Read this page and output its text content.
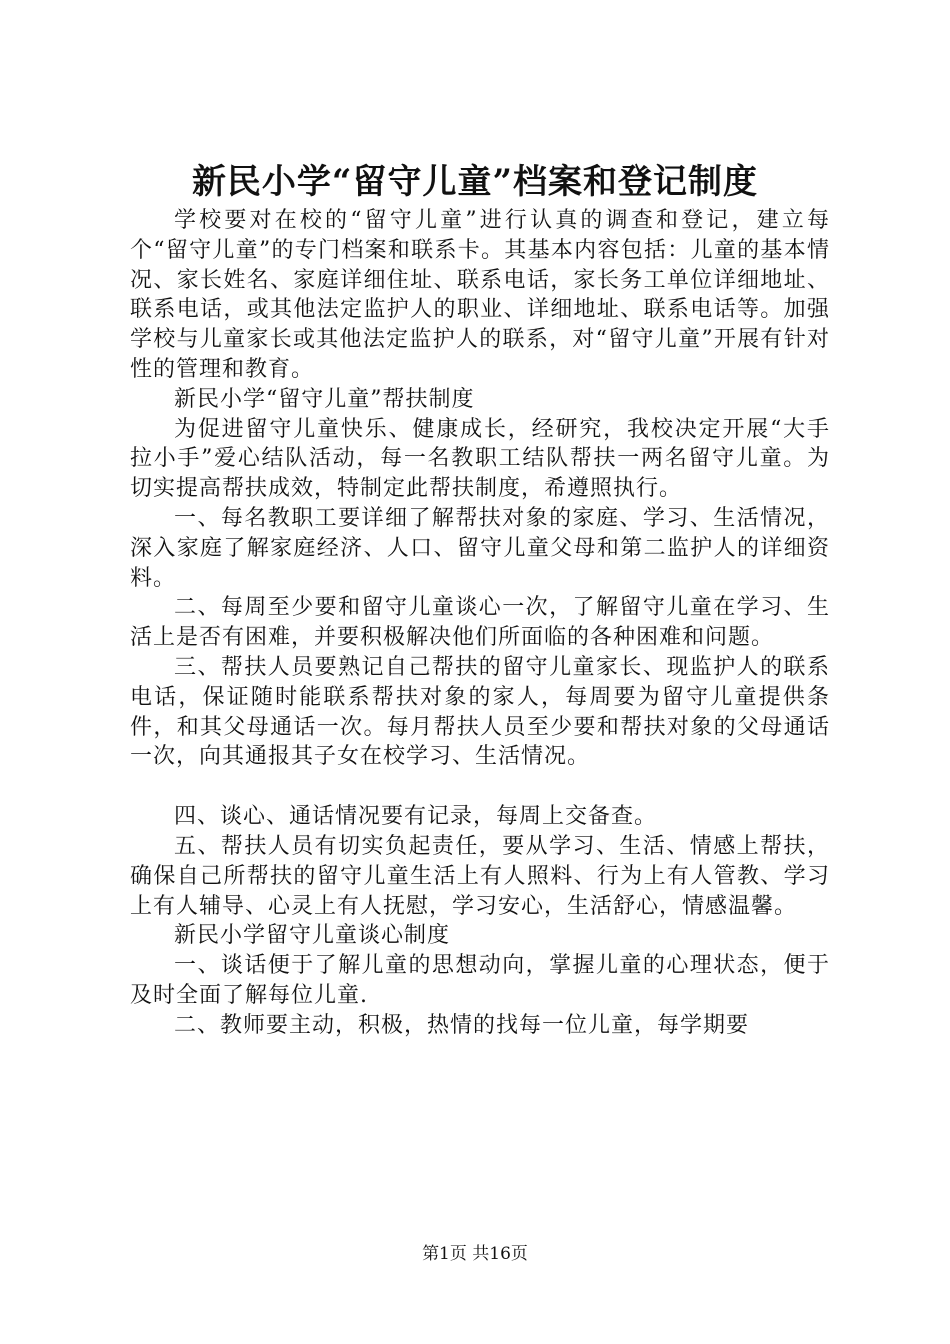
新民小学“留守儿童”档案和登记制度

学校要对在校的“留守儿童”进行认真的调查和登记，建立每个“留守儿童”的专门档案和联系卡。其基本内容包括：儿童的基本情况、家长姓名、家庭详细住址、联系电话，家长务工单位详细地址、联系电话，或其他法定监护人的职业、详细地址、联系电话等。加强学校与儿童家长或其他法定监护人的联系，对“留守儿童”开展有针对性的管理和教育。

新民小学“留守儿童”帮扶制度

为促进留守儿童快乐、健康成长，经研究，我校决定开展“大手拉小手”爱心结队活动，每一名教职工结队帮扶一两名留守儿童。为切实提高帮扶成效，特制定此帮扶制度，希遵照执行。

一、每名教职工要详细了解帮扶对象的家庭、学习、生活情况，深入家庭了解家庭经济、人口、留守儿童父母和第二监护人的详细资料。

二、每周至少要和留守儿童谈心一次，了解留守儿童在学习、生活上是否有困难，并要积极解决他们所面临的各种困难和问题。

三、帮扶人员要熟记自己帮扶的留守儿童家长、现监护人的联系电话，保证随时能联系帮扶对象的家人，每周要为留守儿童提供条件，和其父母通话一次。每月帮扶人员至少要和帮扶对象的父母通话一次，向其通报其子女在校学习、生活情况。

四、谈心、通话情况要有记录，每周上交备查。

五、帮扶人员有切实负起责任，要从学习、生活、情感上帮扶，确保自己所帮扶的留守儿童生活上有人照料、行为上有人管教、学习上有人辅导、心灵上有人抚慰，学习安心，生活舒心，情感温馨。

新民小学留守儿童谈心制度

一、谈话便于了解儿童的思想动向，掌握儿童的心理状态，便于及时全面了解每位儿童.

二、教师要主动，积极，热情的找每一位儿童，每学期要

第1页 共16页
